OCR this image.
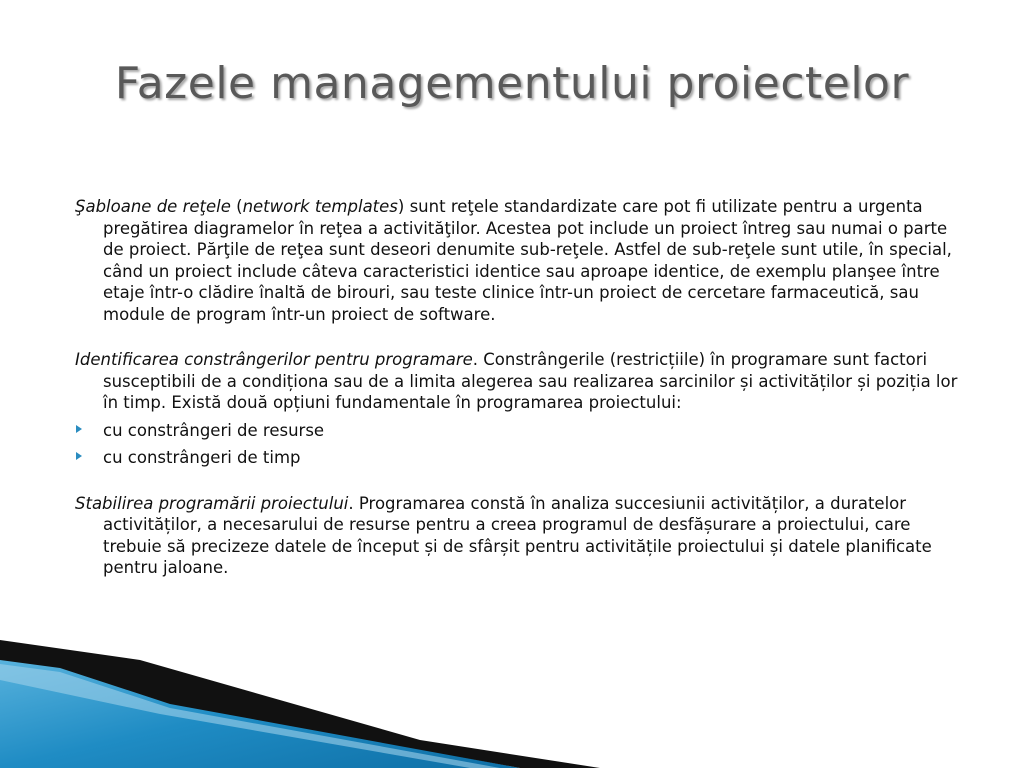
Fazele managementului proiectelor

Şabloane de reţele (network templates) sunt reţele standardizate care pot fi utilizate pentru a urgenta pregătirea diagramelor în reţea a activităţilor. Acestea pot include un proiect întreg sau numai o parte de proiect. Părţile de reţea sunt deseori denumite sub-reţele. Astfel de sub-reţele sunt utile, în special, când un proiect include câteva caracteristici identice sau aproape identice, de exemplu planşee între etaje într-o clădire înaltă de birouri, sau teste clinice într-un proiect de cercetare farmaceutică, sau module de program într-un proiect de software.

Identificarea constrângerilor pentru programare. Constrângerile (restricțiile) în programare sunt factori susceptibili de a condiționa sau de a limita alegerea sau realizarea sarcinilor și activităților și poziția lor în timp. Există două opțiuni fundamentale în programarea proiectului:

cu constrângeri de resurse
cu constrângeri de timp

Stabilirea programării proiectului. Programarea constă în analiza succesiunii activităților, a duratelor activităților, a necesarului de resurse pentru a creea programul de desfășurare a proiectului, care trebuie să precizeze datele de început și de sfârșit pentru activitățile proiectului și datele planificate pentru jaloane.
